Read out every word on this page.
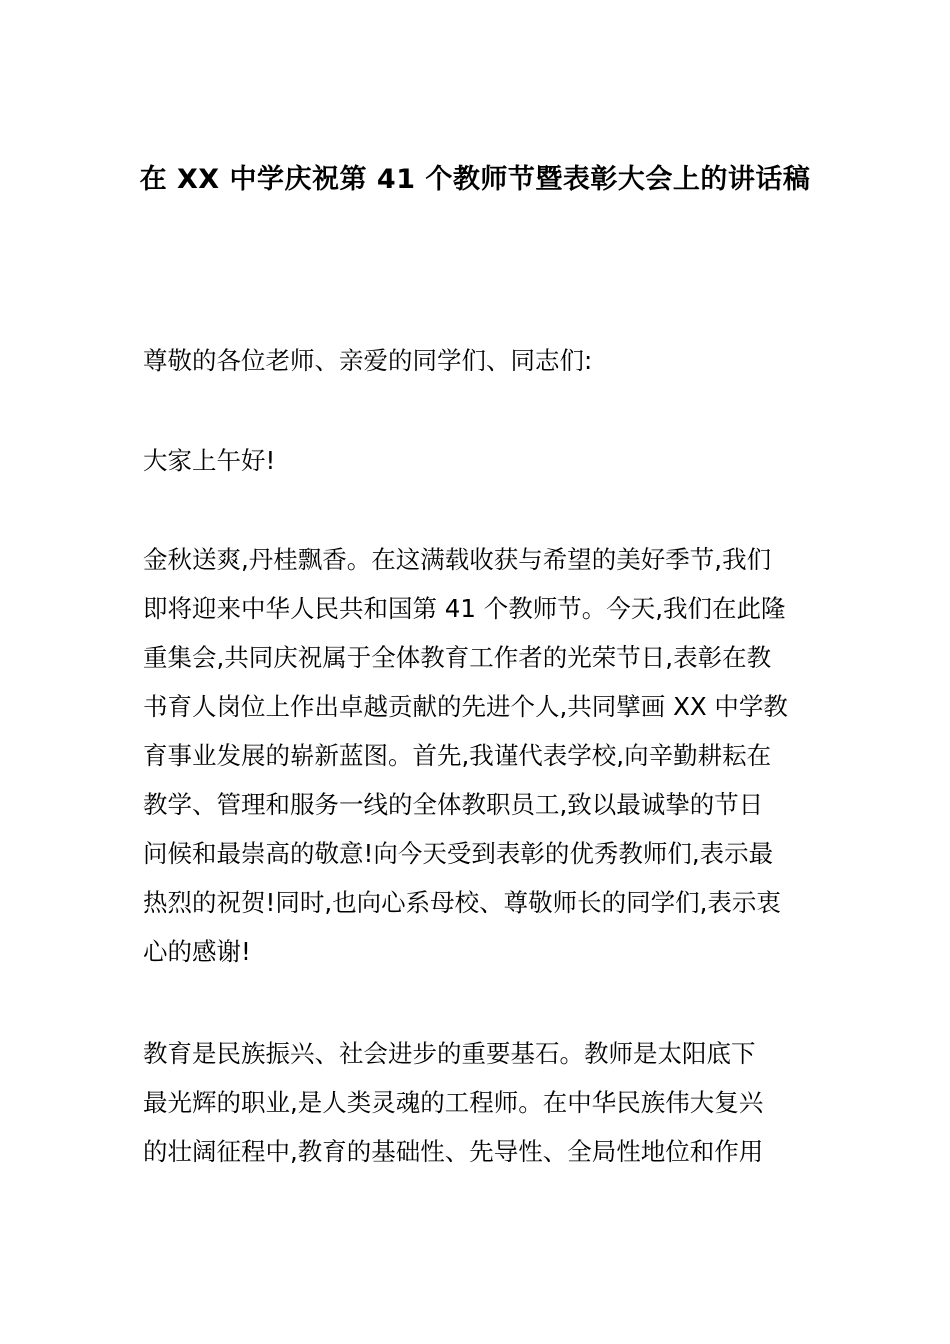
在 XX 中学庆祝第 41 个教师节暨表彰大会上的讲话稿
尊敬的各位老师、亲爱的同学们、同志们:
大家上午好!
金秋送爽,丹桂飘香。在这满载收获与希望的美好季节,我们
即将迎来中华人民共和国第 41 个教师节。今天,我们在此隆
重集会,共同庆祝属于全体教育工作者的光荣节日,表彰在教
书育人岗位上作出卓越贡献的先进个人,共同擘画 XX 中学教
育事业发展的崭新蓝图。首先,我谨代表学校,向辛勤耕耘在
教学、管理和服务一线的全体教职员工,致以最诚挚的节日
问候和最崇高的敬意!向今天受到表彰的优秀教师们,表示最
热烈的祝贺!同时,也向心系母校、尊敬师长的同学们,表示衷
心的感谢!
教育是民族振兴、社会进步的重要基石。教师是太阳底下
最光辉的职业,是人类灵魂的工程师。在中华民族伟大复兴
的壮阔征程中,教育的基础性、先导性、全局性地位和作用
